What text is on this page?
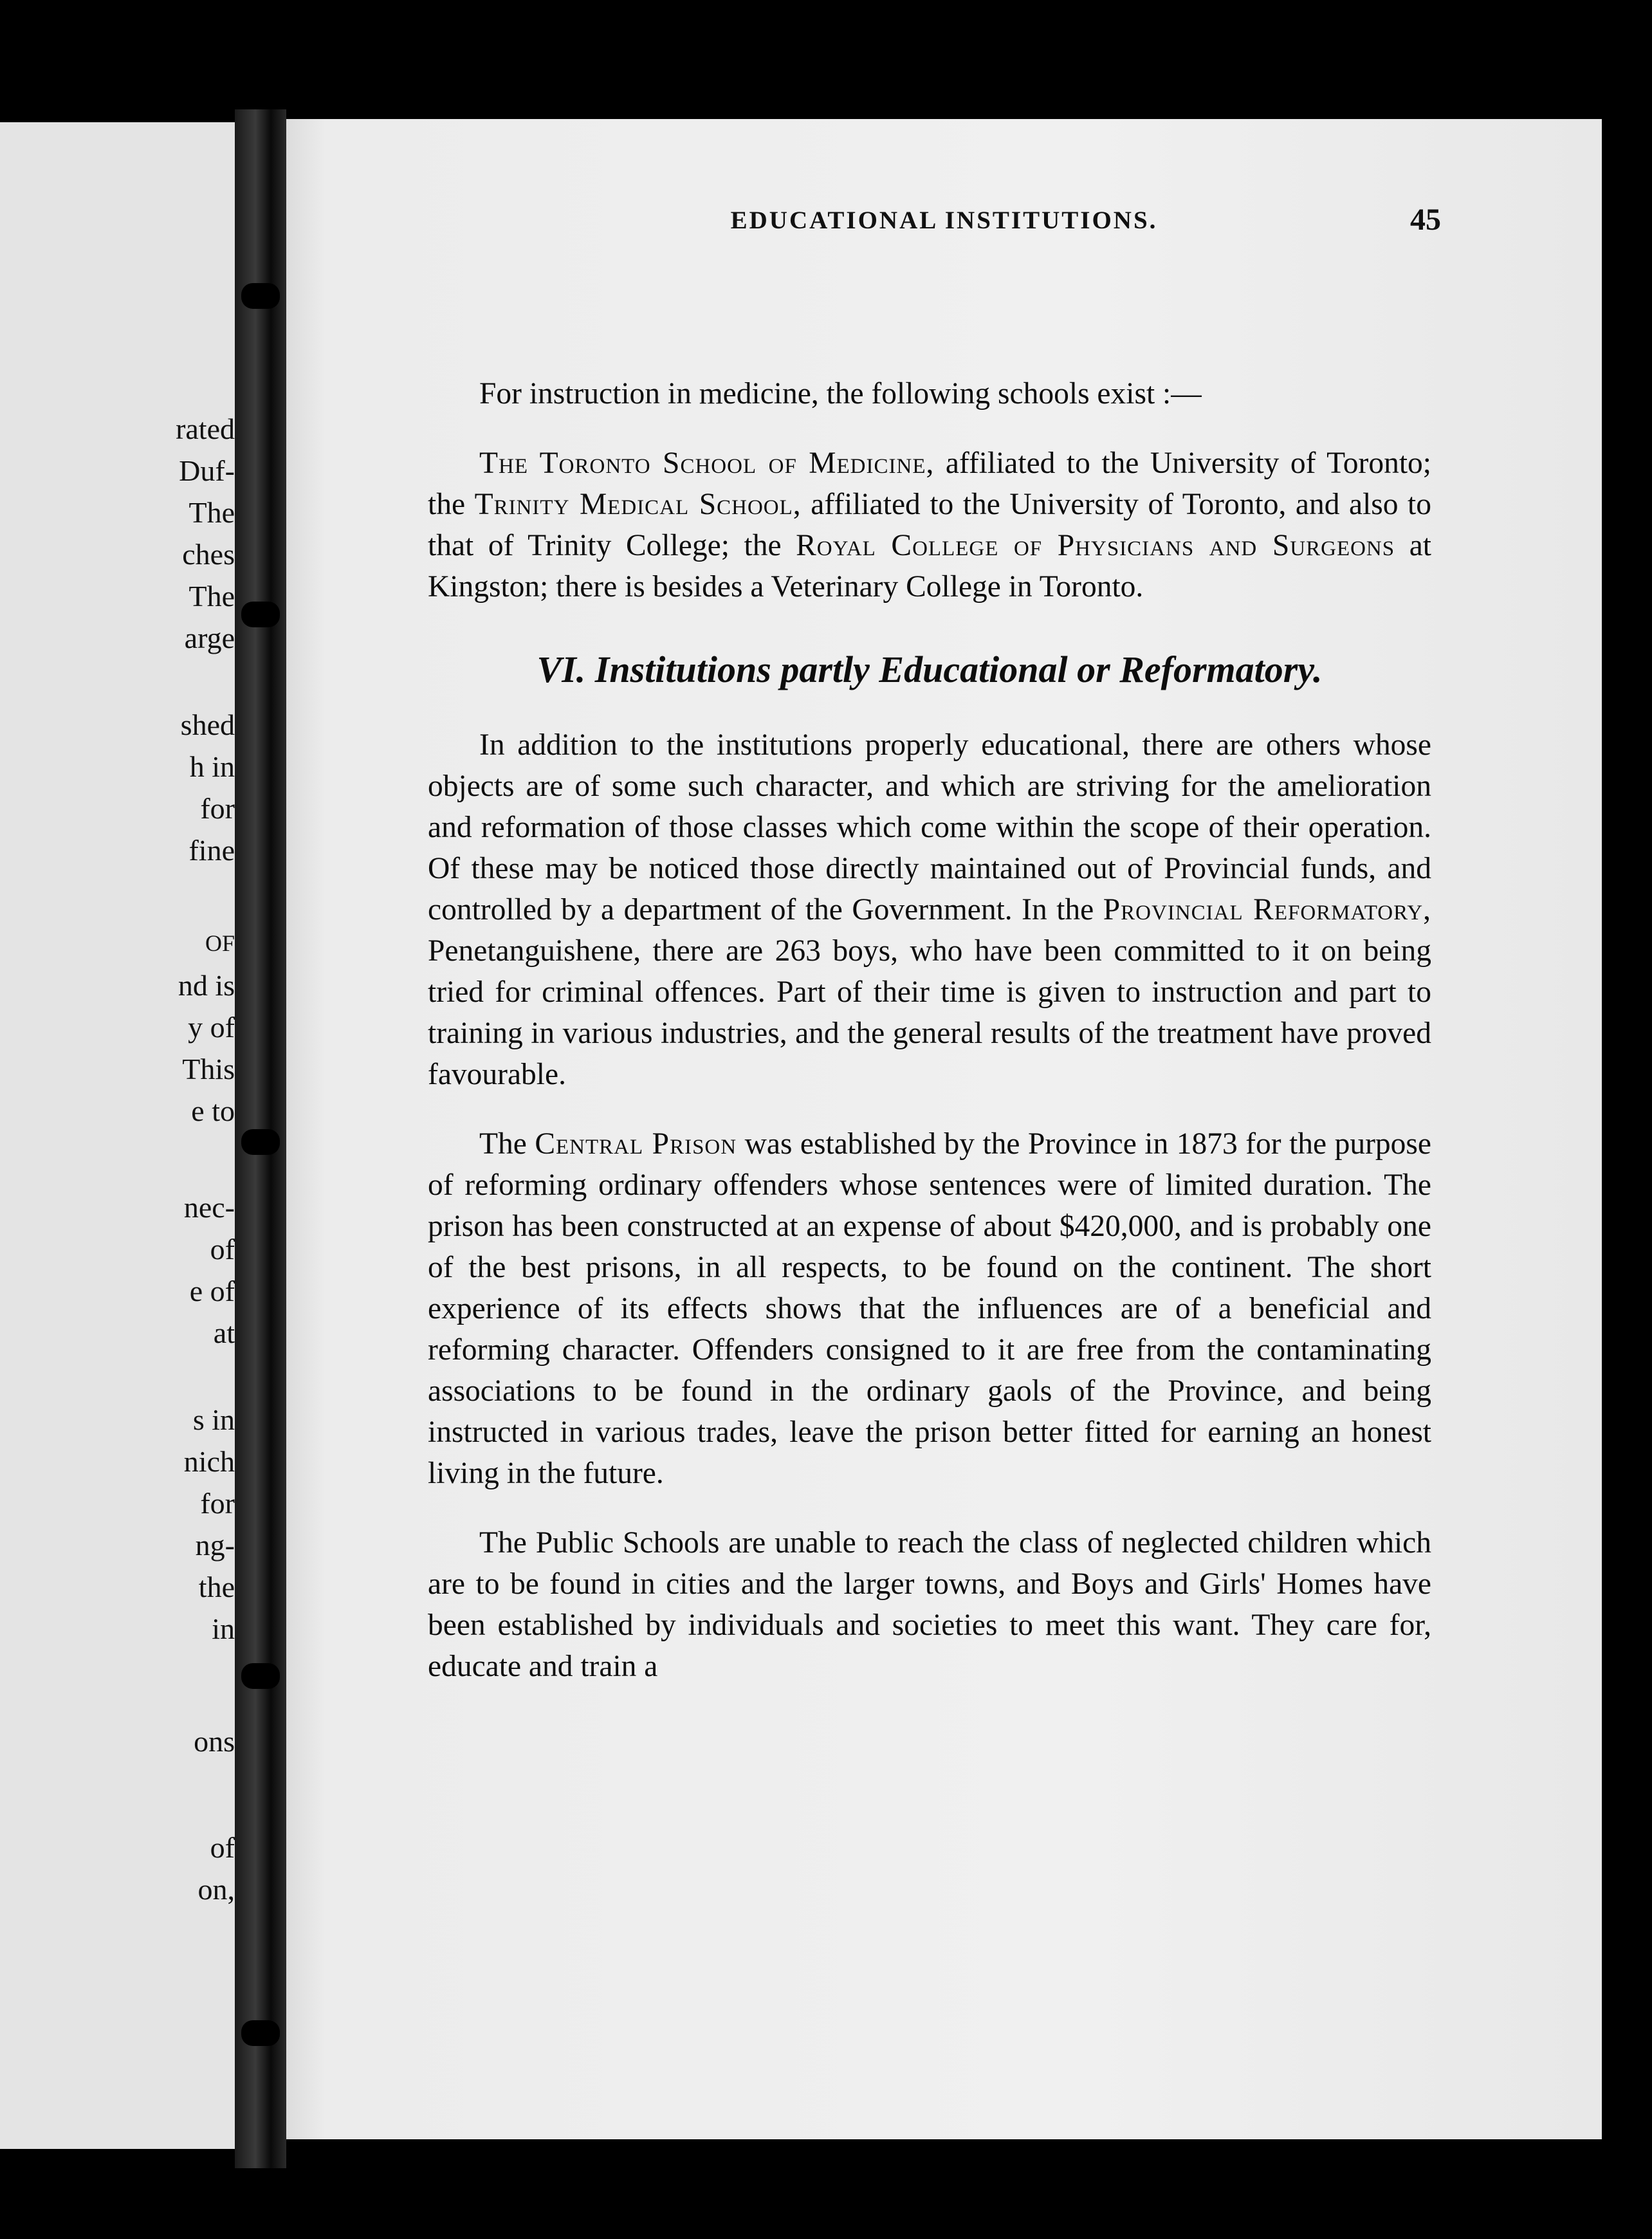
rated
Duf-
The
ches
The
arge
shed
h in
for
fine
OF
nd is
y of
This
e to
nec-
of
e of
at
s in
nich
for
ng-
the
in
ons
of
on,
EDUCATIONAL INSTITUTIONS.	45

For instruction in medicine, the following schools exist :—

The Toronto School of Medicine, affiliated to the University of Toronto; the Trinity Medical School, affiliated to the University of Toronto, and also to that of Trinity College; the Royal College of Physicians and Surgeons at Kingston; there is besides a Veterinary College in Toronto.

VI. Institutions partly Educational or Reformatory.

In addition to the institutions properly educational, there are others whose objects are of some such character, and which are striving for the amelioration and reformation of those classes which come within the scope of their operation. Of these may be noticed those directly maintained out of Provincial funds, and controlled by a department of the Government. In the Provincial Reformatory, Penetanguishene, there are 263 boys, who have been committed to it on being tried for criminal offences. Part of their time is given to instruction and part to training in various industries, and the general results of the treatment have proved favourable.

The Central Prison was established by the Province in 1873 for the purpose of reforming ordinary offenders whose sentences were of limited duration. The prison has been constructed at an expense of about $420,000, and is probably one of the best prisons, in all respects, to be found on the continent. The short experience of its effects shows that the influences are of a beneficial and reforming character. Offenders consigned to it are free from the contaminating associations to be found in the ordinary gaols of the Province, and being instructed in various trades, leave the prison better fitted for earning an honest living in the future.

The Public Schools are unable to reach the class of neglected children which are to be found in cities and the larger towns, and Boys and Girls' Homes have been established by individuals and societies to meet this want. They care for, educate and train a
